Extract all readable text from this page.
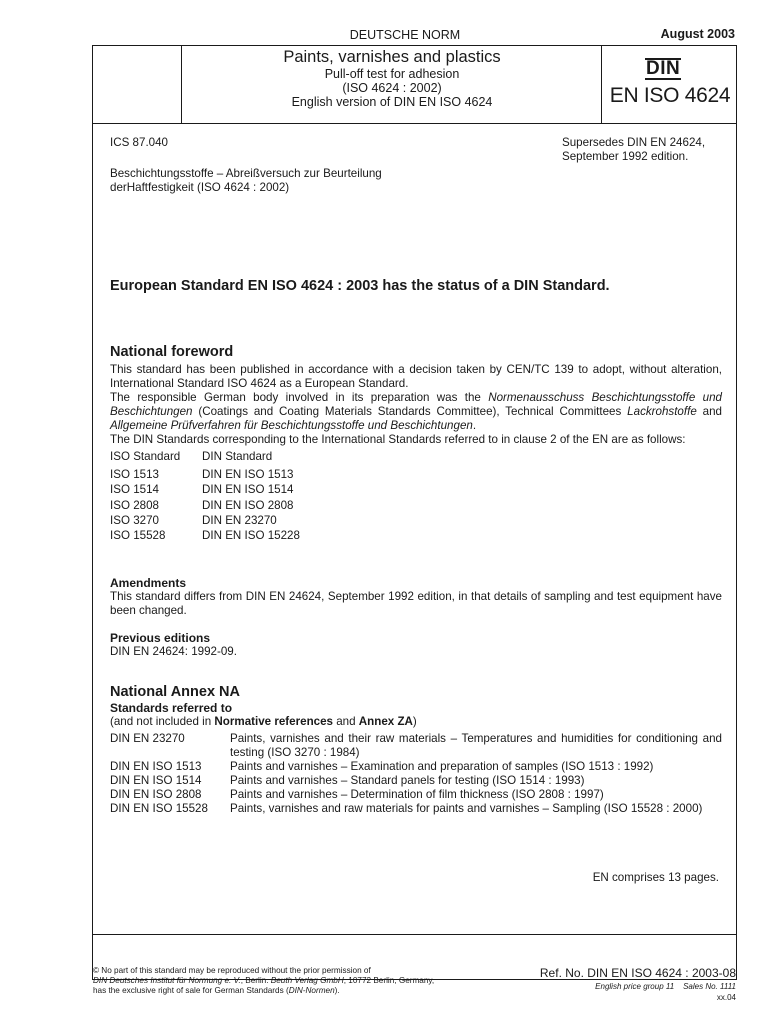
DEUTSCHE NORM	August 2003
Paints, varnishes and plastics
Pull-off test for adhesion
(ISO 4624 : 2002)
English version of DIN EN ISO 4624
DIN
EN ISO 4624
ICS 87.040	Supersedes DIN EN 24624,
September 1992 edition.
Beschichtungsstoffe – Abreißversuch zur Beurteilung
derHaftfestigkeit (ISO 4624 : 2002)
European Standard EN ISO 4624 : 2003 has the status of a DIN Standard.
National foreword
This standard has been published in accordance with a decision taken by CEN/TC 139 to adopt, without alteration, International Standard ISO 4624 as a European Standard.
The responsible German body involved in its preparation was the Normenausschuss Beschichtungsstoffe und Beschichtungen (Coatings and Coating Materials Standards Committee), Technical Committees Lackrohstoffe and Allgemeine Prüfverfahren für Beschichtungsstoffe und Beschichtungen.
The DIN Standards corresponding to the International Standards referred to in clause 2 of the EN are as follows:
ISO Standard	DIN Standard
ISO 1513	DIN EN ISO 1513
ISO 1514	DIN EN ISO 1514
ISO 2808	DIN EN ISO 2808
ISO 3270	DIN EN 23270
ISO 15528	DIN EN ISO 15228
Amendments
This standard differs from DIN EN 24624, September 1992 edition, in that details of sampling and test equipment have been changed.
Previous editions
DIN EN 24624: 1992-09.
National Annex NA
Standards referred to
(and not included in Normative references and Annex ZA)
DIN EN 23270	Paints, varnishes and their raw materials – Temperatures and humidities for conditioning and testing (ISO 3270 : 1984)
DIN EN ISO 1513	Paints and varnishes – Examination and preparation of samples (ISO 1513 : 1992)
DIN EN ISO 1514	Paints and varnishes – Standard panels for testing (ISO 1514 : 1993)
DIN EN ISO 2808	Paints and varnishes – Determination of film thickness (ISO 2808 : 1997)
DIN EN ISO 15528	Paints, varnishes and raw materials for paints and varnishes – Sampling (ISO 15528 : 2000)
EN comprises 13 pages.
© No part of this standard may be reproduced without the prior permission of
DIN Deutsches Institut für Normung e. V., Berlin. Beuth Verlag GmbH, 10772 Berlin, Germany,
has the exclusive right of sale for German Standards (DIN-Normen).
Ref. No. DIN EN ISO 4624 : 2003-08
English price group 11 Sales No. 1111
xx.04
